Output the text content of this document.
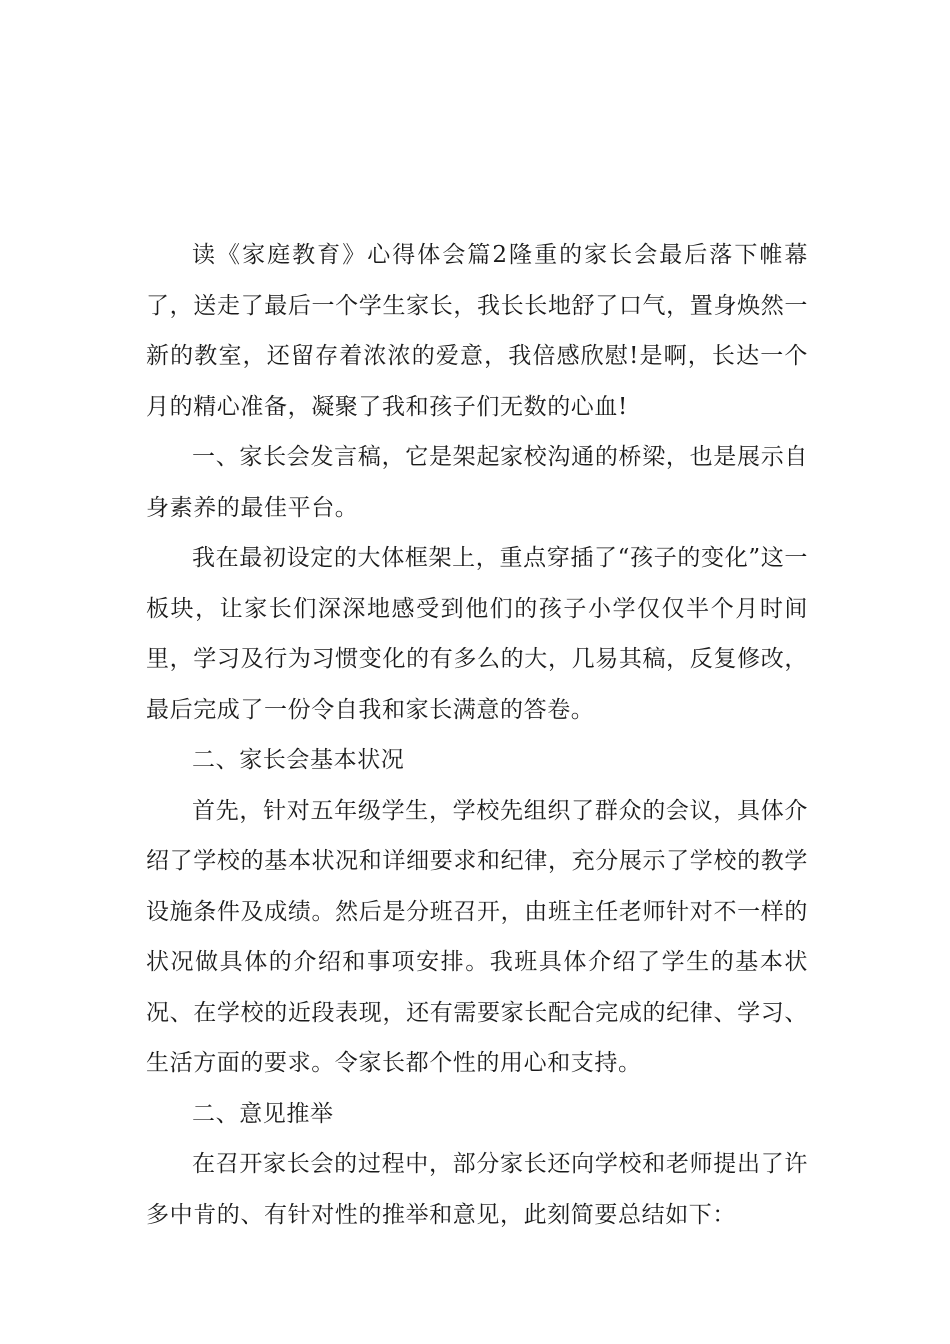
读《家庭教育》心得体会篇2隆重的家长会最后落下帷幕了，送走了最后一个学生家长，我长长地舒了口气，置身焕然一新的教室，还留存着浓浓的爱意，我倍感欣慰!是啊，长达一个月的精心准备，凝聚了我和孩子们无数的心血!

一、家长会发言稿，它是架起家校沟通的桥梁，也是展示自身素养的最佳平台。

我在最初设定的大体框架上，重点穿插了“孩子的变化”这一板块，让家长们深深地感受到他们的孩子小学仅仅半个月时间里，学习及行为习惯变化的有多么的大，几易其稿，反复修改，最后完成了一份令自我和家长满意的答卷。

二、家长会基本状况

首先，针对五年级学生，学校先组织了群众的会议，具体介绍了学校的基本状况和详细要求和纪律，充分展示了学校的教学设施条件及成绩。然后是分班召开，由班主任老师针对不一样的状况做具体的介绍和事项安排。我班具体介绍了学生的基本状况、在学校的近段表现，还有需要家长配合完成的纪律、学习、生活方面的要求。令家长都个性的用心和支持。

二、意见推举

在召开家长会的过程中，部分家长还向学校和老师提出了许多中肯的、有针对性的推举和意见，此刻简要总结如下：
